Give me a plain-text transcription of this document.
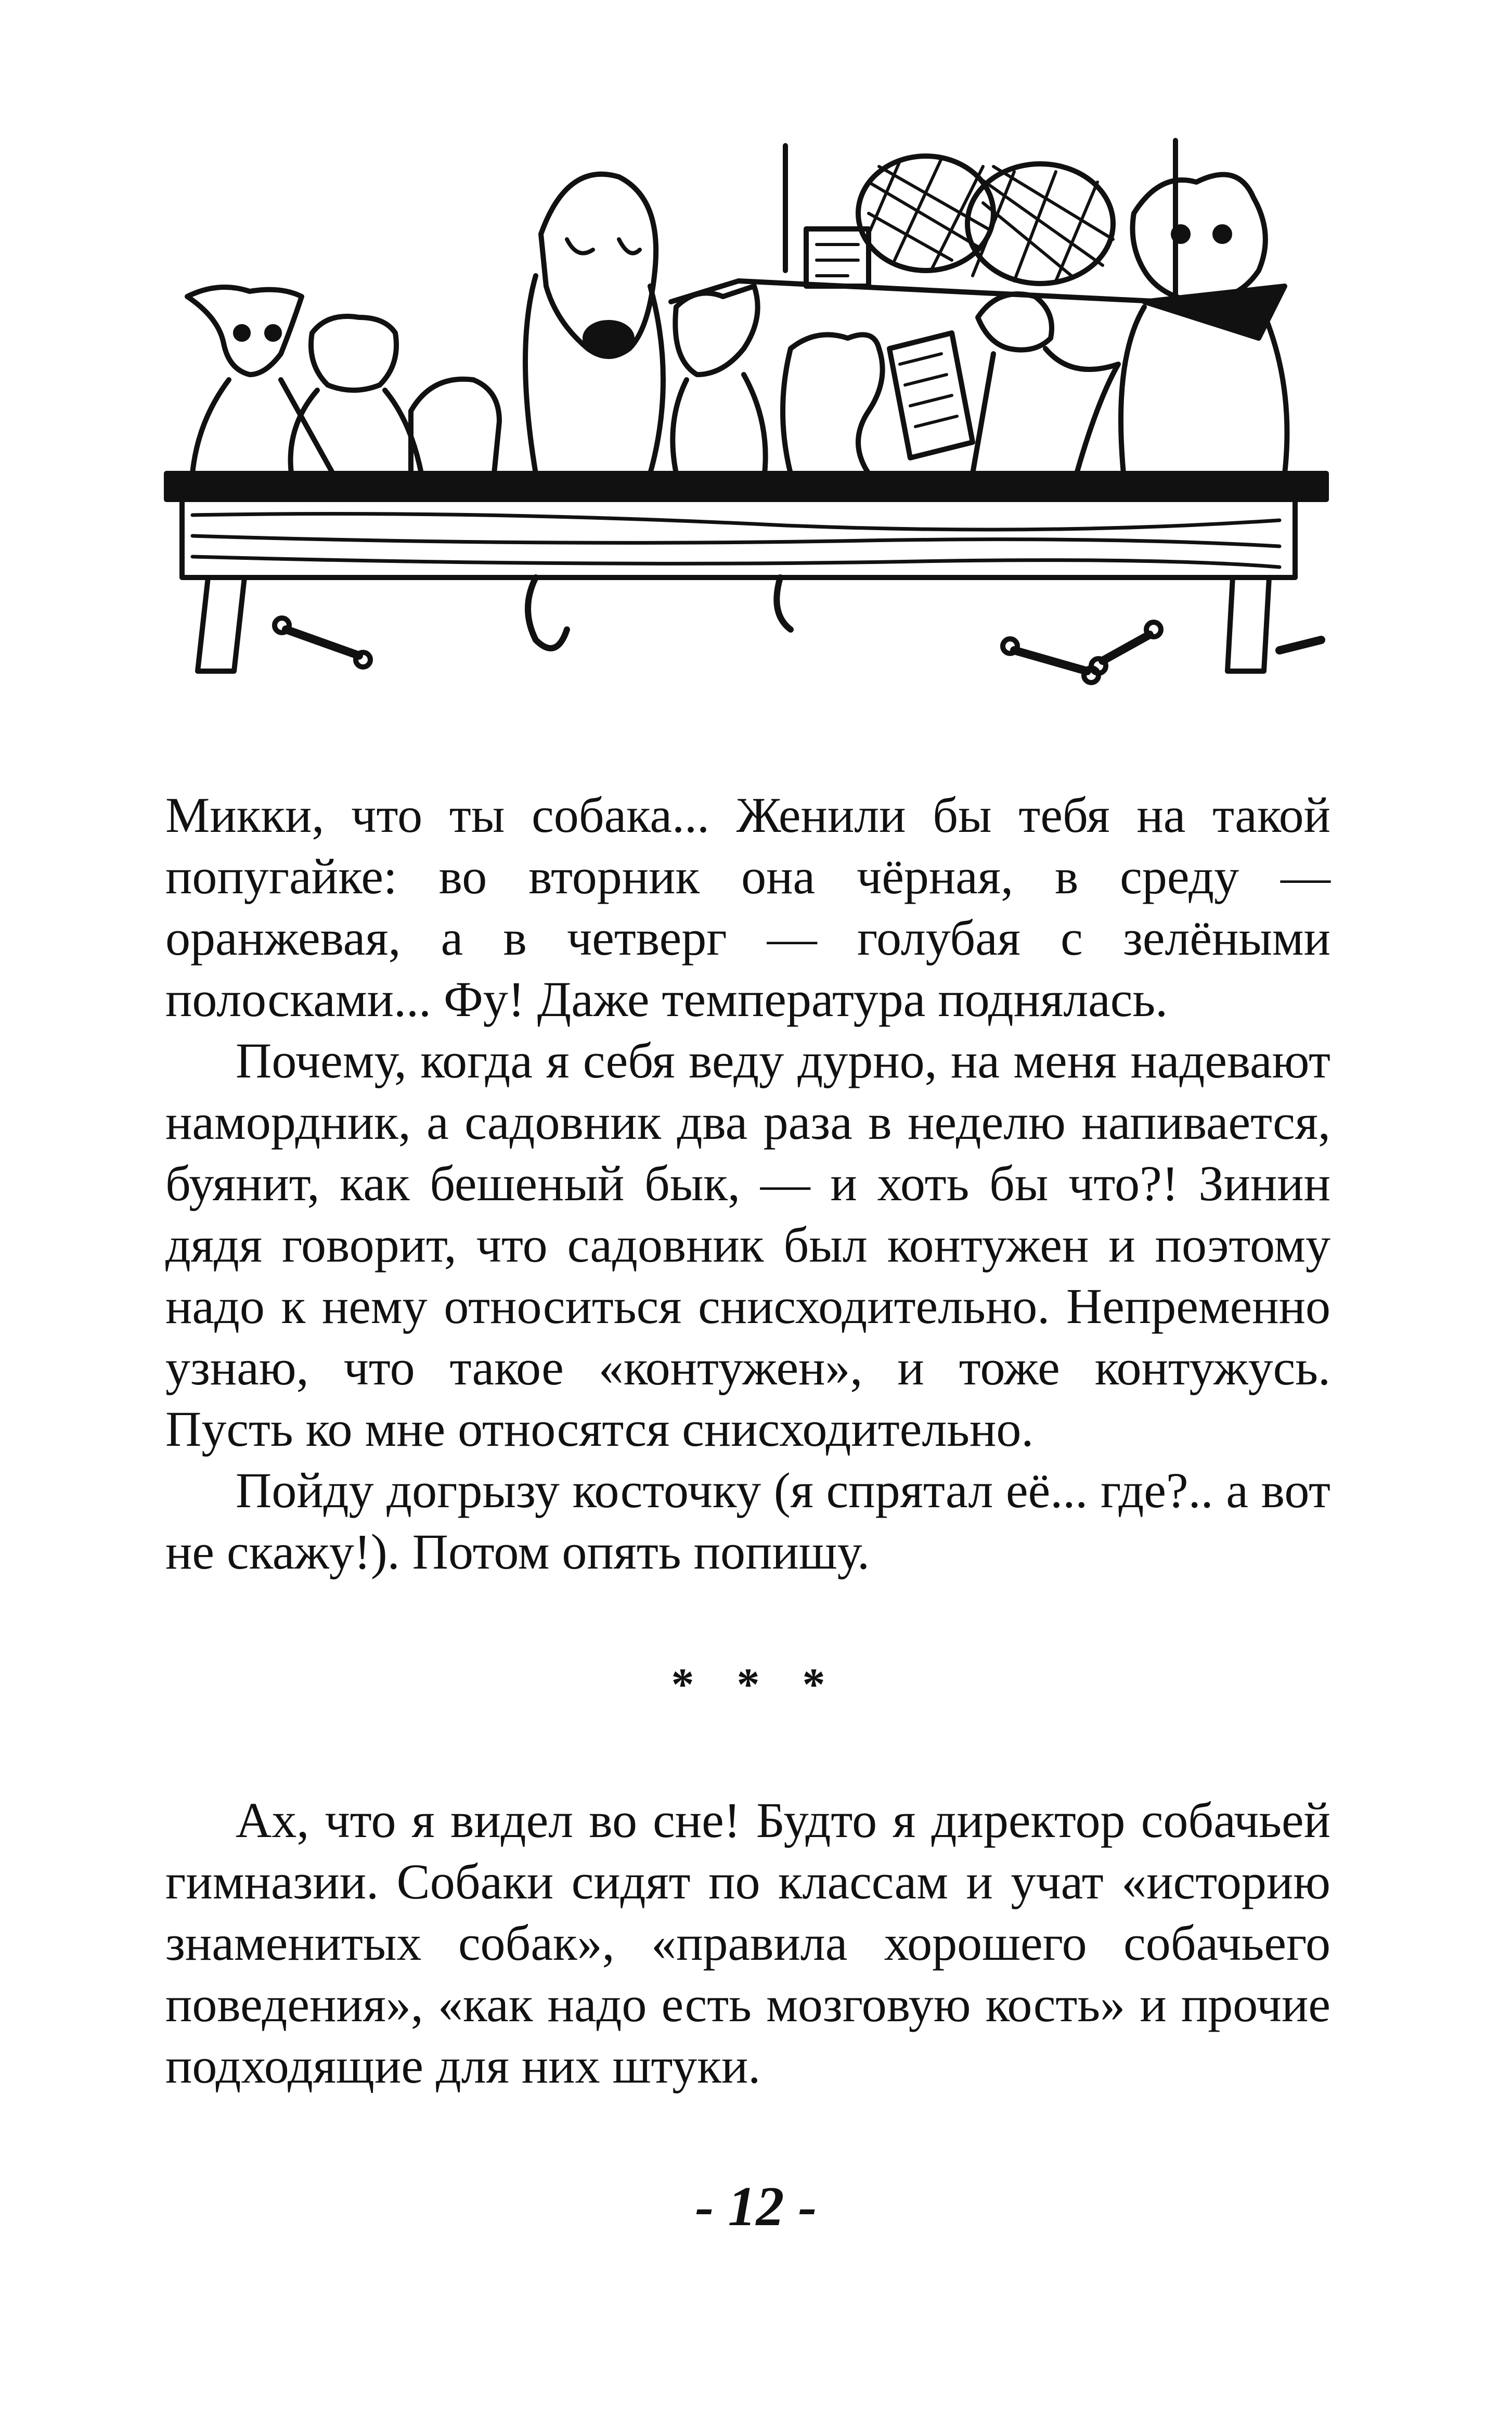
Микки, что ты собака... Женили бы тебя на такой попугайке: во вторник она чёрная, в среду — оранжевая, а в четверг — голубая с зелёными полосками... Фу! Даже температура поднялась.

Почему, когда я себя веду дурно, на меня надевают намордник, а садовник два раза в неделю напивается, буянит, как бешеный бык, — и хоть бы что?! Зинин дядя говорит, что садовник был контужен и поэтому надо к нему относиться снисходительно. Непременно узнаю, что такое «контужен», и тоже контужусь. Пусть ко мне относятся снисходительно.

Пойду догрызу косточку (я спрятал её... где?.. а вот не скажу!). Потом опять попишу.

* * *

Ах, что я видел во сне! Будто я директор собачьей гимназии. Собаки сидят по классам и учат «историю знаменитых собак», «правила хорошего собачьего поведения», «как надо есть мозговую кость» и прочие подходящие для них штуки.

- 12 -
